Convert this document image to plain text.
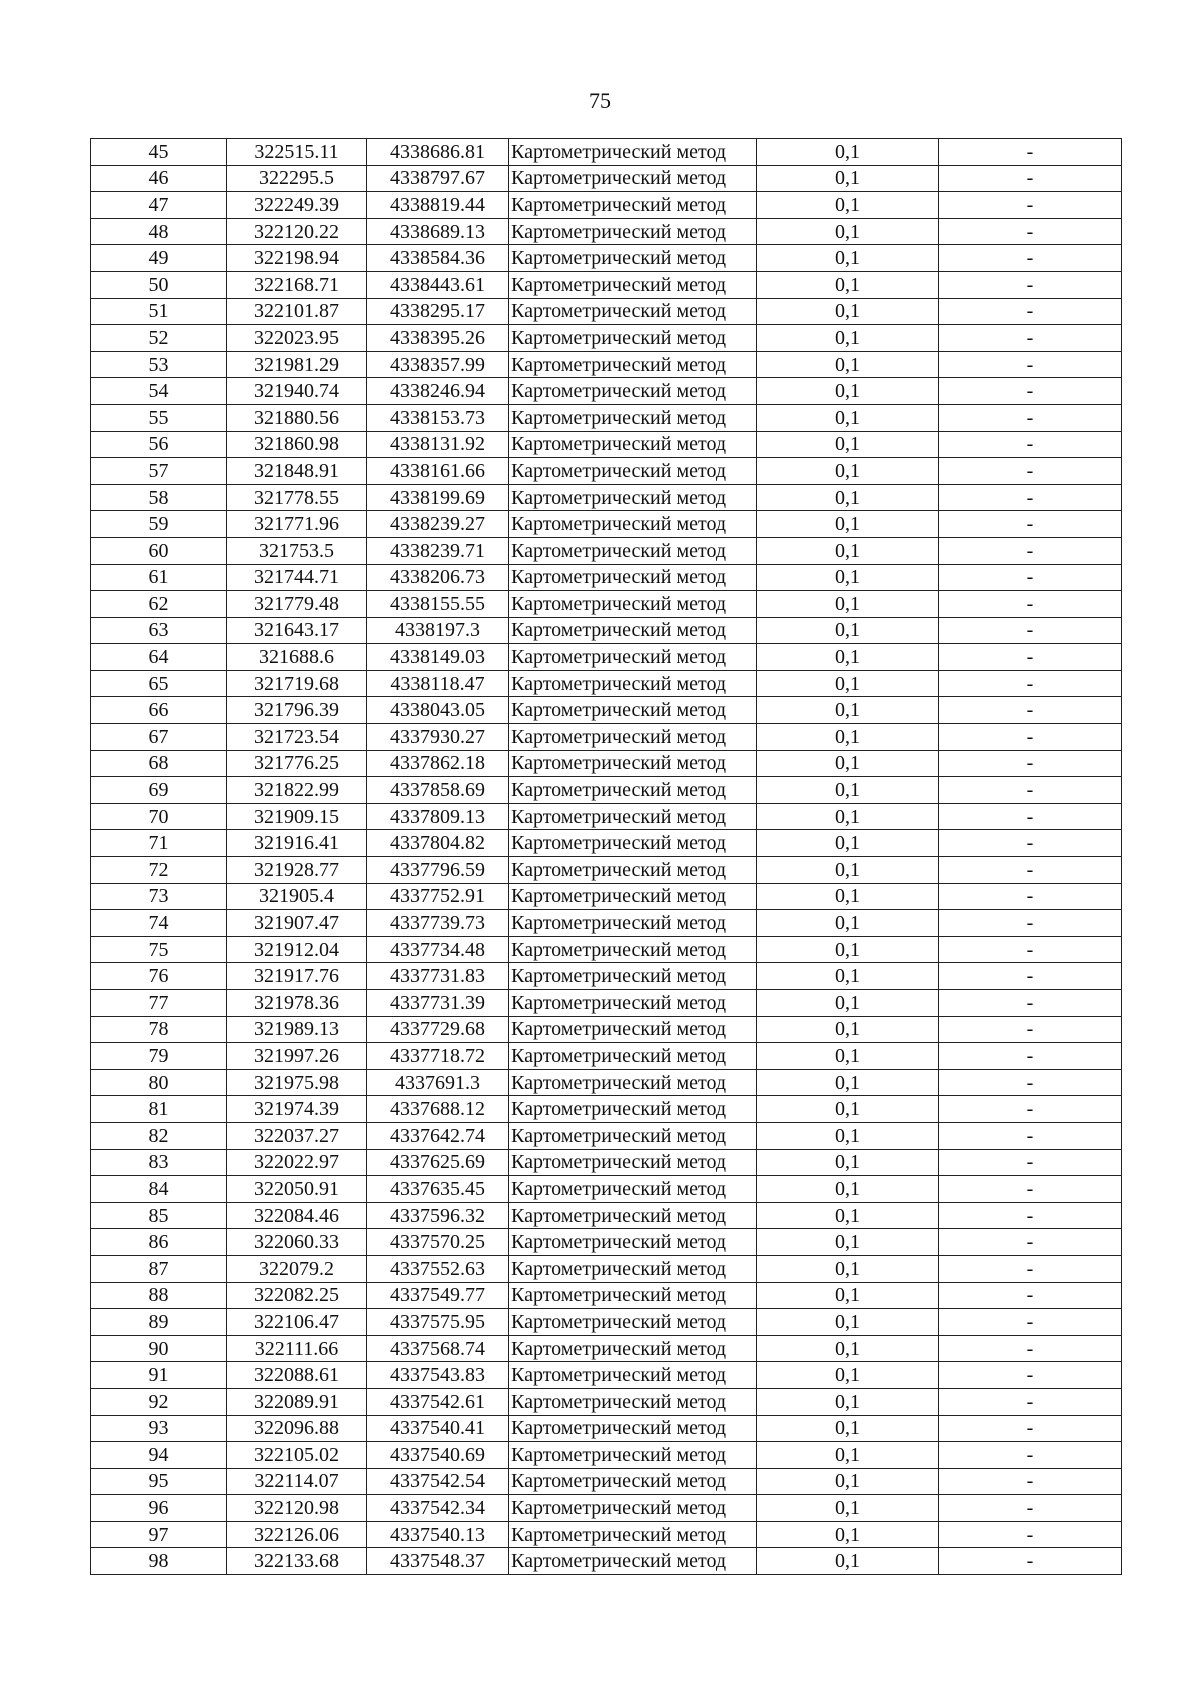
75
45	322515.11	4338686.81	Картометрический метод	0,1	-
46	322295.5	4338797.67	Картометрический метод	0,1	-
47	322249.39	4338819.44	Картометрический метод	0,1	-
48	322120.22	4338689.13	Картометрический метод	0,1	-
49	322198.94	4338584.36	Картометрический метод	0,1	-
50	322168.71	4338443.61	Картометрический метод	0,1	-
51	322101.87	4338295.17	Картометрический метод	0,1	-
52	322023.95	4338395.26	Картометрический метод	0,1	-
53	321981.29	4338357.99	Картометрический метод	0,1	-
54	321940.74	4338246.94	Картометрический метод	0,1	-
55	321880.56	4338153.73	Картометрический метод	0,1	-
56	321860.98	4338131.92	Картометрический метод	0,1	-
57	321848.91	4338161.66	Картометрический метод	0,1	-
58	321778.55	4338199.69	Картометрический метод	0,1	-
59	321771.96	4338239.27	Картометрический метод	0,1	-
60	321753.5	4338239.71	Картометрический метод	0,1	-
61	321744.71	4338206.73	Картометрический метод	0,1	-
62	321779.48	4338155.55	Картометрический метод	0,1	-
63	321643.17	4338197.3	Картометрический метод	0,1	-
64	321688.6	4338149.03	Картометрический метод	0,1	-
65	321719.68	4338118.47	Картометрический метод	0,1	-
66	321796.39	4338043.05	Картометрический метод	0,1	-
67	321723.54	4337930.27	Картометрический метод	0,1	-
68	321776.25	4337862.18	Картометрический метод	0,1	-
69	321822.99	4337858.69	Картометрический метод	0,1	-
70	321909.15	4337809.13	Картометрический метод	0,1	-
71	321916.41	4337804.82	Картометрический метод	0,1	-
72	321928.77	4337796.59	Картометрический метод	0,1	-
73	321905.4	4337752.91	Картометрический метод	0,1	-
74	321907.47	4337739.73	Картометрический метод	0,1	-
75	321912.04	4337734.48	Картометрический метод	0,1	-
76	321917.76	4337731.83	Картометрический метод	0,1	-
77	321978.36	4337731.39	Картометрический метод	0,1	-
78	321989.13	4337729.68	Картометрический метод	0,1	-
79	321997.26	4337718.72	Картометрический метод	0,1	-
80	321975.98	4337691.3	Картометрический метод	0,1	-
81	321974.39	4337688.12	Картометрический метод	0,1	-
82	322037.27	4337642.74	Картометрический метод	0,1	-
83	322022.97	4337625.69	Картометрический метод	0,1	-
84	322050.91	4337635.45	Картометрический метод	0,1	-
85	322084.46	4337596.32	Картометрический метод	0,1	-
86	322060.33	4337570.25	Картометрический метод	0,1	-
87	322079.2	4337552.63	Картометрический метод	0,1	-
88	322082.25	4337549.77	Картометрический метод	0,1	-
89	322106.47	4337575.95	Картометрический метод	0,1	-
90	322111.66	4337568.74	Картометрический метод	0,1	-
91	322088.61	4337543.83	Картометрический метод	0,1	-
92	322089.91	4337542.61	Картометрический метод	0,1	-
93	322096.88	4337540.41	Картометрический метод	0,1	-
94	322105.02	4337540.69	Картометрический метод	0,1	-
95	322114.07	4337542.54	Картометрический метод	0,1	-
96	322120.98	4337542.34	Картометрический метод	0,1	-
97	322126.06	4337540.13	Картометрический метод	0,1	-
98	322133.68	4337548.37	Картометрический метод	0,1	-
